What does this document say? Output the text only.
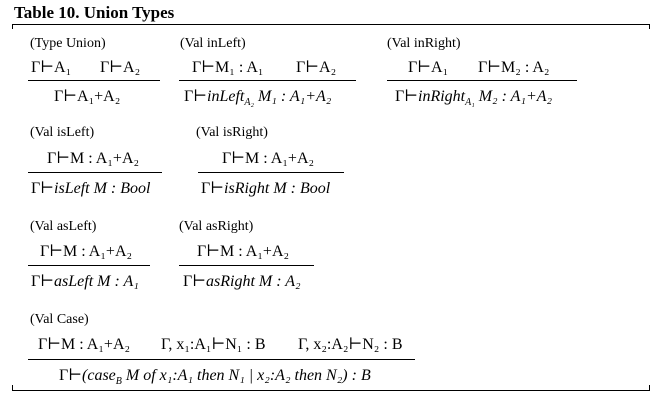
Table 10. Union Types
(Type Union)
Γ⊢A₁ Γ⊢A₂
Γ⊢A₁+A₂
(Val inLeft)
Γ⊢M₁ : A₁ Γ⊢A₂
Γ⊢inLeft$_{A_2}$ M₁ : A₁+A₂
(Val inRight)
Γ⊢A₁ Γ⊢M₂ : A₂
Γ⊢inRight$_{A_1}$ M₂ : A₁+A₂
(Val isLeft)
Γ⊢M : A₁+A₂
Γ⊢isLeft M : Bool
(Val isRight)
Γ⊢M : A₁+A₂
Γ⊢isRight M : Bool
(Val asLeft)
Γ⊢M : A₁+A₂
Γ⊢asLeft M : A₁
(Val asRight)
Γ⊢M : A₁+A₂
Γ⊢asRight M : A₂
(Val Case)
Γ⊢M : A₁+A₂ Γ, x₁:A₁⊢N₁ : B Γ, x₂:A₂⊢N₂ : B
Γ⊢(case$_B$ M of x₁:A₁ then N₁ | x₂:A₂ then N₂) : B
